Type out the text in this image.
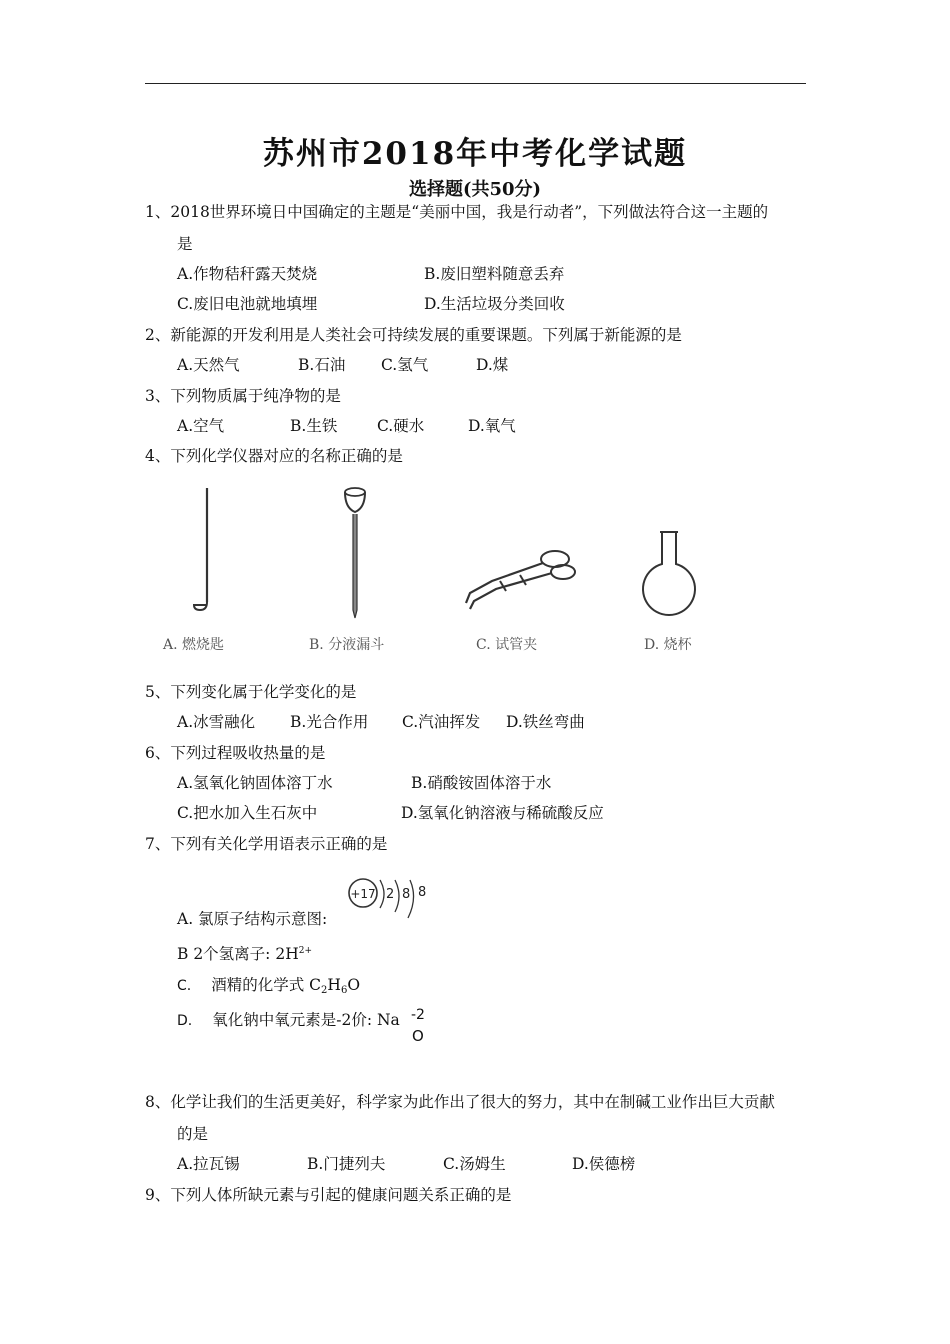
苏州市2018年中考化学试题
选择题(共50分)
1、2018世界环境日中国确定的主题是“美丽中国，我是行动者”，下列做法符合这一主题的
是
A.作物秸秆露天焚烧	B.废旧塑料随意丢弃
C.废旧电池就地填埋	D.生活垃圾分类回收
2、新能源的开发利用是人类社会可持续发展的重要课题。下列属于新能源的是
A.天然气	B.石油 C.氢气	D.煤
3、下列物质属于纯净物的是
A.空气	B.生铁	C.硬水	D.氧气
4、下列化学仪器对应的名称正确的是
A. 燃烧匙	B. 分液漏斗	C. 试管夹	D. 烧杯
5、下列变化属于化学变化的是
A.冰雪融化 B.光合作用 C.汽油挥发 D.铁丝弯曲
6、下列过程吸收热量的是
A.氢氧化钠固体溶丁水	B.硝酸铵固体溶于水
C.把水加入生石灰中	D.氢氧化钠溶液与稀硫酸反应
7、下列有关化学用语表示正确的是
A. 氯原子结构示意图:
+17 2 8 8
B 2个氢离子: $2H^{2+}$
C. 酒精的化学式 $C_2H_6O$
D. 氧化钠中氧元素是-2价: Na -2
O
8、化学让我们的生活更美好，科学家为此作出了很大的努力，其中在制碱工业作出巨大贡献
的是
A.拉瓦锡	B.门捷列夫	C.汤姆生	D.侯德榜
9、下列人体所缺元素与引起的健康问题关系正确的是
